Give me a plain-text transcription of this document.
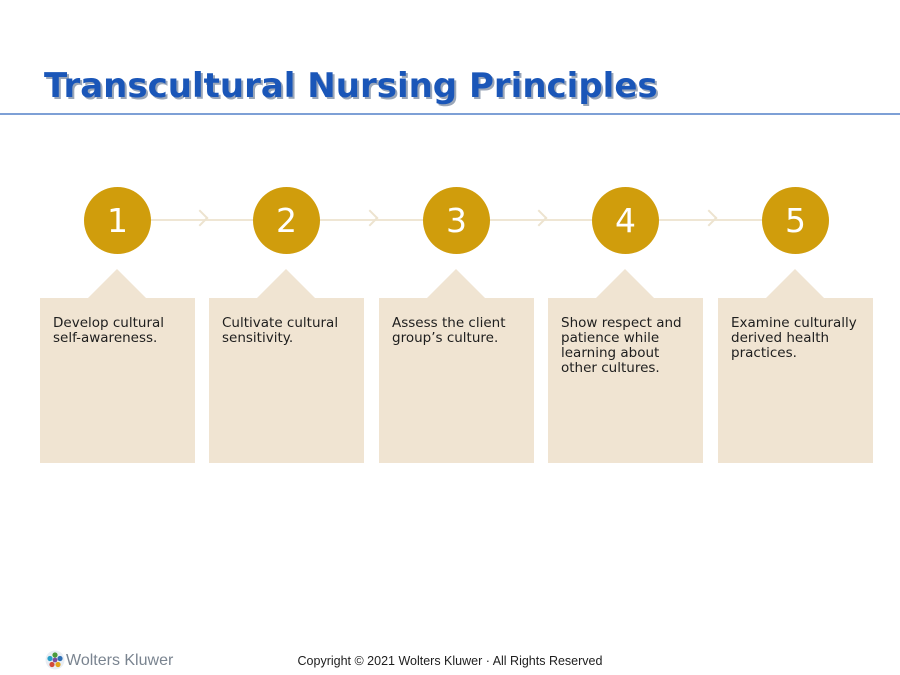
Transcultural Nursing Principles
1

Develop cultural self-awareness.

2

Cultivate cultural sensitivity.

3

Assess the client group’s culture.

4

Show respect and patience while learning about other cultures.

5

Examine culturally derived health practices.

Wolters Kluwer	Copyright © 2021 Wolters Kluwer · All Rights Reserved
